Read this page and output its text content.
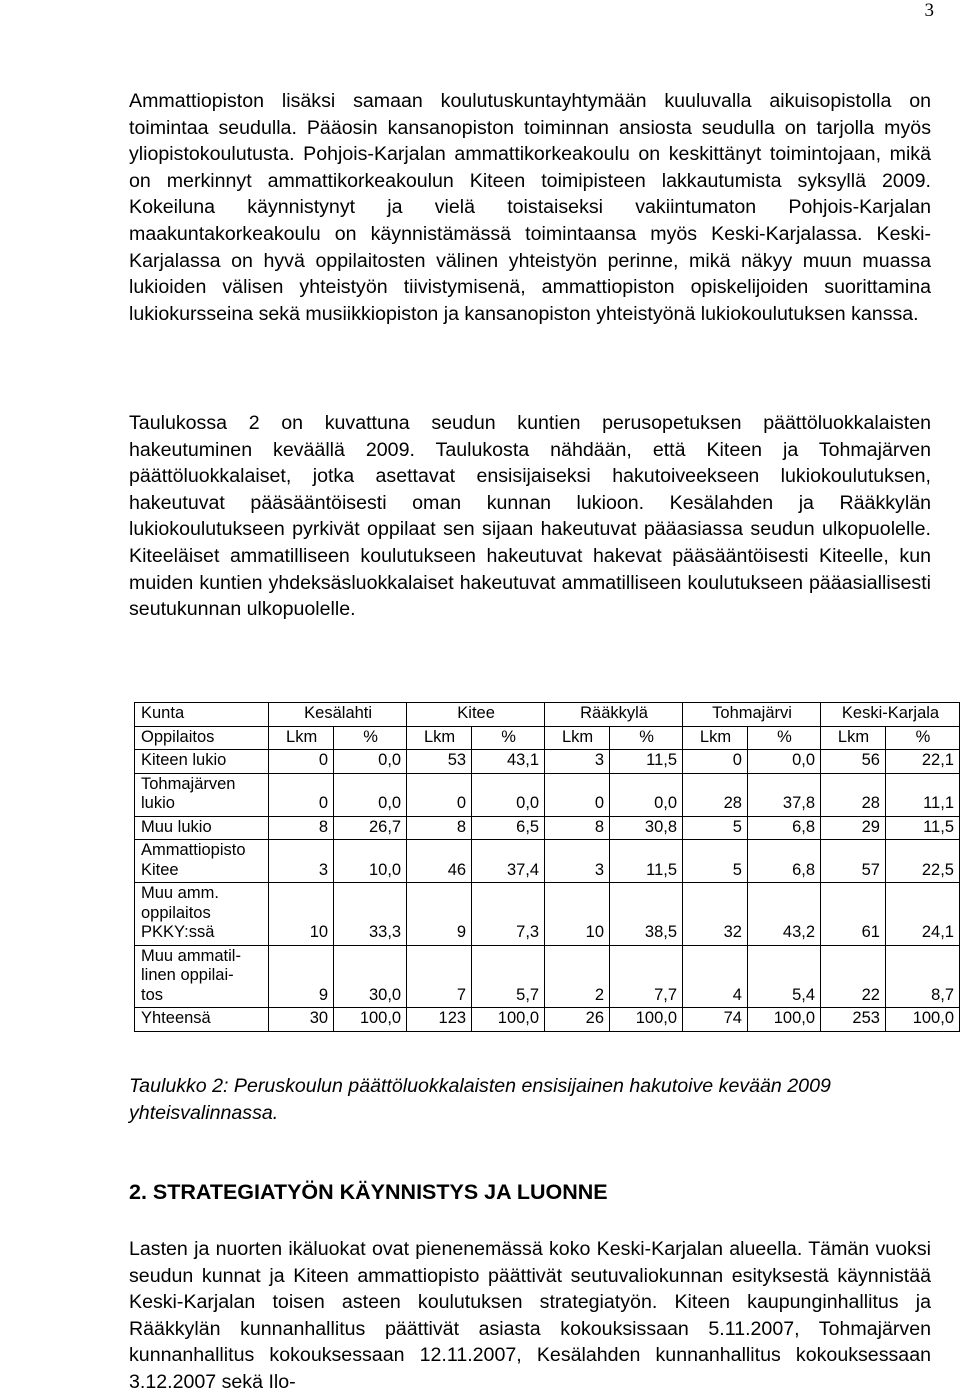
3
Ammattiopiston lisäksi samaan koulutuskuntayhtymään kuuluvalla aikuisopistolla on toimintaa seudulla. Pääosin kansanopiston toiminnan ansiosta seudulla on tarjolla myös yliopistokoulutusta. Pohjois-Karjalan ammattikorkeakoulu on keskittänyt toimintojaan, mikä on merkinnyt ammattikorkeakoulun Kiteen toimipisteen lakkautumista syksyllä 2009. Kokeiluna käynnistynyt ja vielä toistaiseksi vakiintumaton Pohjois-Karjalan maakuntakorkeakoulu on käynnistämässä toimintaansa myös Keski-Karjalassa. Keski-Karjalassa on hyvä oppilaitosten välinen yhteistyön perinne, mikä näkyy muun muassa lukioiden välisen yhteistyön tiivistymisenä, ammattiopiston opiskelijoiden suorittamina lukiokursseina sekä musiikkiopiston ja kansanopiston yhteistyönä lukiokoulutuksen kanssa.
Taulukossa 2 on kuvattuna seudun kuntien perusopetuksen päättöluokkalaisten hakeutuminen keväällä 2009. Taulukosta nähdään, että Kiteen ja Tohmajärven päättöluokkalaiset, jotka asettavat ensisijaiseksi hakutoiveekseen lukiokoulutuksen, hakeutuvat pääsääntöisesti oman kunnan lukioon. Kesälahden ja Rääkkylän lukiokoulutukseen pyrkivät oppilaat sen sijaan hakeutuvat pääasiassa seudun ulkopuolelle. Kiteeläiset ammatilliseen koulutukseen hakeutuvat hakevat pääsääntöisesti Kiteelle, kun muiden kuntien yhdeksäsluokkalaiset hakeutuvat ammatilliseen koulutukseen pääasiallisesti seutukunnan ulkopuolelle.
Kunta	Kesälahti		Kitee		Rääkkylä		Tohmajärvi		Keski-Karjala	
Oppilaitos	Lkm	%	Lkm	%	Lkm	%	Lkm	%	Lkm	%
Kiteen lukio	0	0,0	53	43,1	3	11,5	0	0,0	56	22,1
Tohmajärven
lukio	0	0,0	0	0,0	0	0,0	28	37,8	28	11,1
Muu lukio	8	26,7	8	6,5	8	30,8	5	6,8	29	11,5
Ammattiopisto
Kitee	3	10,0	46	37,4	3	11,5	5	6,8	57	22,5
Muu amm.
oppilaitos
PKKY:ssä	10	33,3	9	7,3	10	38,5	32	43,2	61	24,1
Muu ammatil-
linen oppilai-
tos	9	30,0	7	5,7	2	7,7	4	5,4	22	8,7
Yhteensä	30	100,0	123	100,0	26	100,0	74	100,0	253	100,0
Taulukko 2: Peruskoulun päättöluokkalaisten ensisijainen hakutoive kevään 2009 yhteisvalinnassa.
2. STRATEGIATYÖN KÄYNNISTYS JA LUONNE
Lasten ja nuorten ikäluokat ovat pienenemässä koko Keski-Karjalan alueella. Tämän vuoksi seudun kunnat ja Kiteen ammattiopisto päättivät seutuvaliokunnan esityksestä käynnistää Keski-Karjalan toisen asteen koulutuksen strategiatyön. Kiteen kaupunginhallitus ja Rääkkylän kunnanhallitus päättivät asiasta kokouksissaan 5.11.2007, Tohmajärven kunnanhallitus kokouksessaan 12.11.2007, Kesälahden kunnanhallitus kokouksessaan 3.12.2007 sekä Ilo-
